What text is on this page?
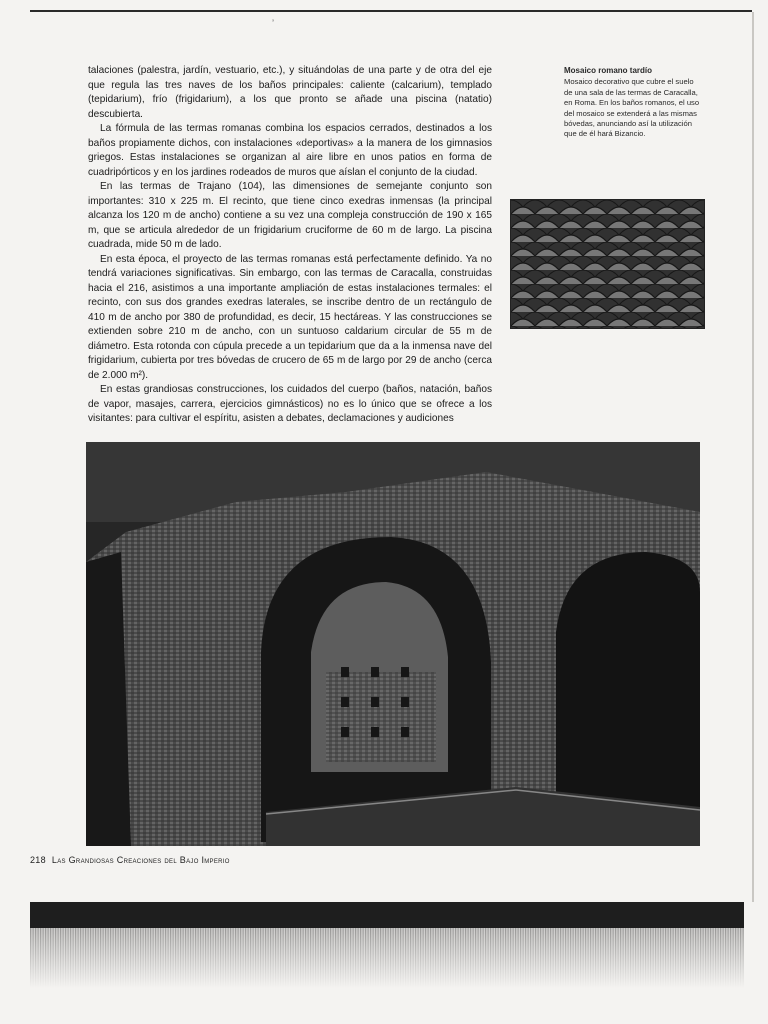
’

talaciones (palestra, jardín, vestuario, etc.), y situándolas de una parte y de otra del eje que regula las tres naves de los baños principales: caliente (calcarium), templado (tepidarium), frío (frigidarium), a los que pronto se añade una piscina (natatio) descubierta.

La fórmula de las termas romanas combina los espacios cerrados, destinados a los baños propiamente dichos, con instalaciones «deportivas» a la manera de los gimnasios griegos. Estas instalaciones se organizan al aire libre en unos patios en forma de cuadripórticos y en los jardines rodeados de muros que aíslan el conjunto de la ciudad.

En las termas de Trajano (104), las dimensiones de semejante conjunto son importantes: 310 x 225 m. El recinto, que tiene cinco exedras inmensas (la principal alcanza los 120 m de ancho) contiene a su vez una compleja construcción de 190 x 165 m, que se articula alrededor de un frigidarium cruciforme de 60 m de largo. La piscina cuadrada, mide 50 m de lado.

En esta época, el proyecto de las termas romanas está perfectamente definido. Ya no tendrá variaciones significativas. Sin embargo, con las termas de Caracalla, construidas hacia el 216, asistimos a una importante ampliación de estas instalaciones termales: el recinto, con sus dos grandes exedras laterales, se inscribe dentro de un rectángulo de 410 m de ancho por 380 de profundidad, es decir, 15 hectáreas. Y las construcciones se extienden sobre 210 m de ancho, con un suntuoso caldarium circular de 55 m de diámetro. Esta rotonda con cúpula precede a un tepidarium que da a la inmensa nave del frigidarium, cubierta por tres bóvedas de crucero de 65 m de largo por 29 de ancho (cerca de 2.000 m²).

En estas grandiosas construcciones, los cuidados del cuerpo (baños, natación, baños de vapor, masajes, carrera, ejercicios gimnásticos) no es lo único que se ofrece a los visitantes: para cultivar el espíritu, asisten a debates, declamaciones y audiciones

Mosaico romano tardío
Mosaico decorativo que cubre el suelo de una sala de las termas de Caracalla, en Roma. En los baños romanos, el uso del mosaico se extenderá a las mismas bóvedas, anunciando así la utilización que de él hará Bizancio.
218 Las Grandiosas Creaciones del Bajo Imperio
